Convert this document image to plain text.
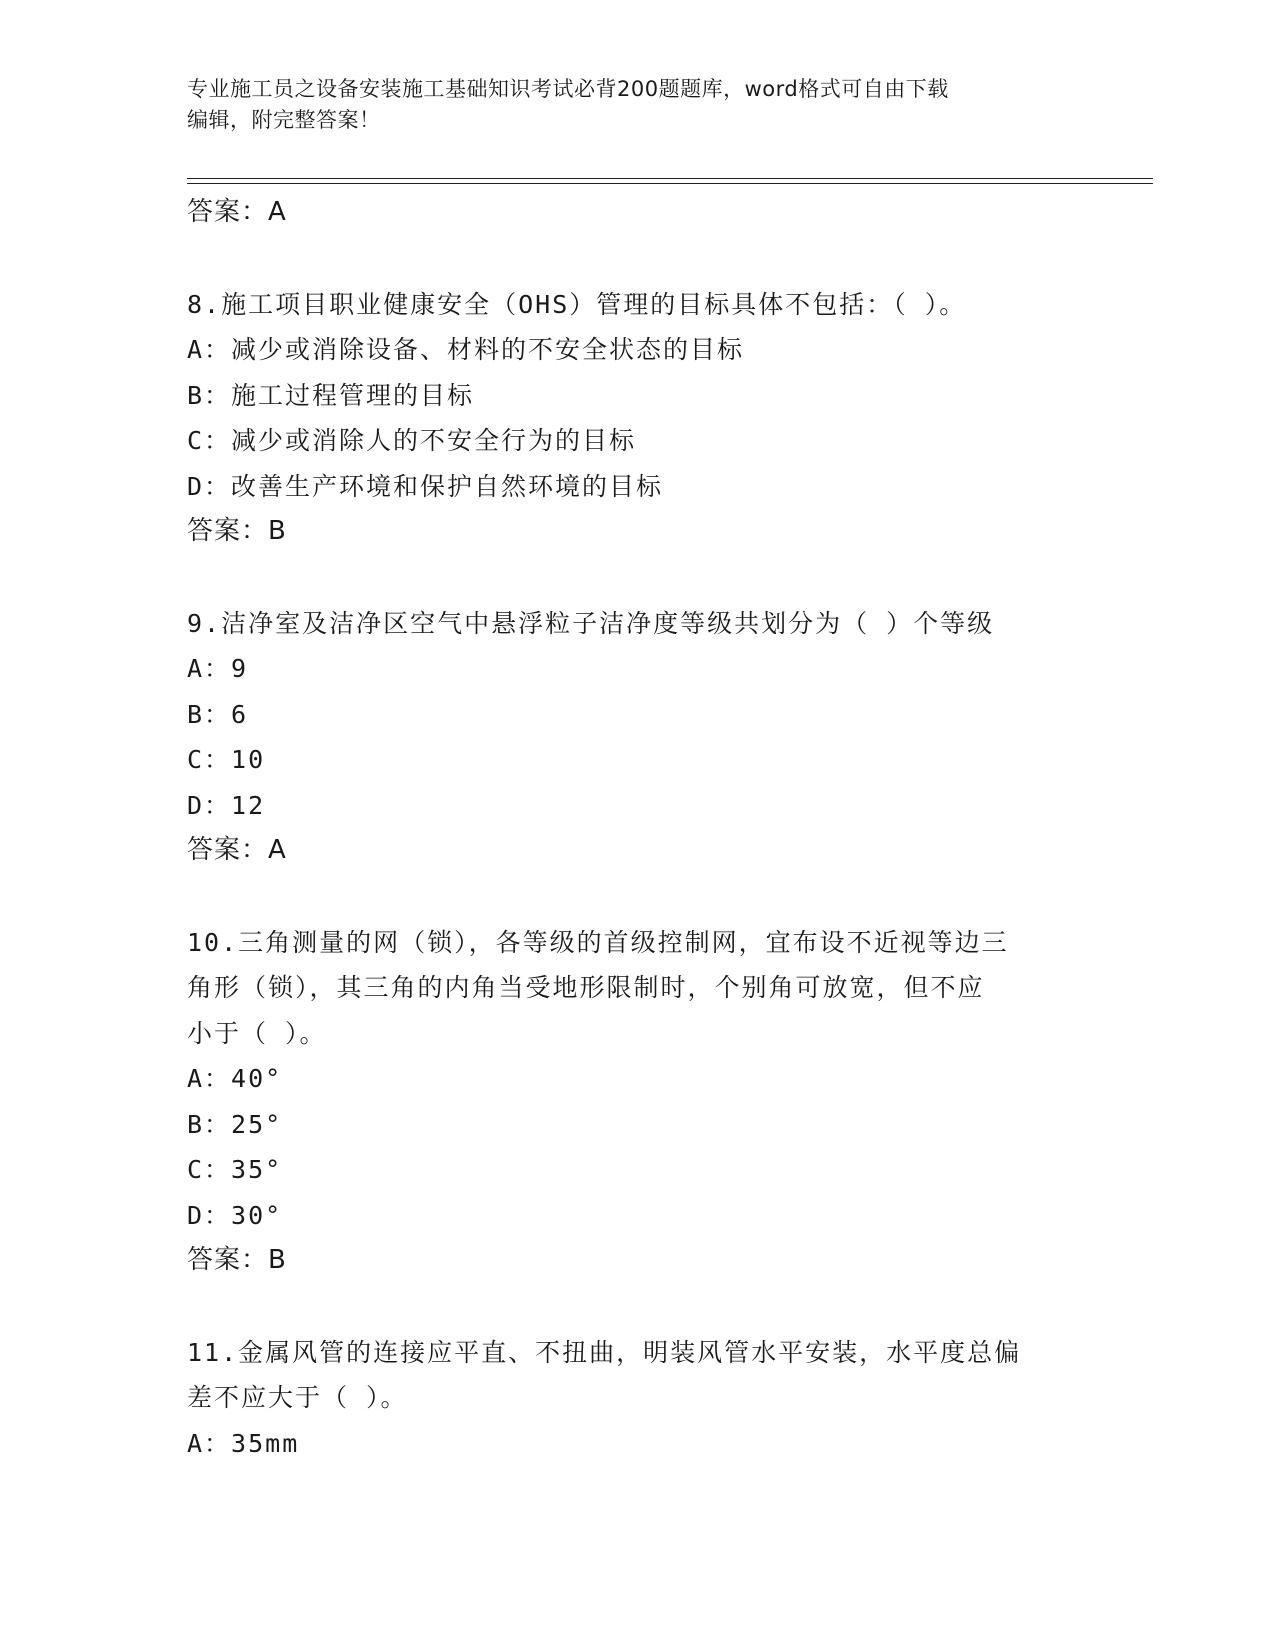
专业施工员之设备安装施工基础知识考试必背200题题库，word格式可自由下载
编辑，附完整答案！
答案：A
8.施工项目职业健康安全（OHS）管理的目标具体不包括：（ ）。
A：减少或消除设备、材料的不安全状态的目标
B：施工过程管理的目标
C：减少或消除人的不安全行为的目标
D：改善生产环境和保护自然环境的目标
答案：B
9.洁净室及洁净区空气中悬浮粒子洁净度等级共划分为（ ）个等级
A：9
B：6
C：10
D：12
答案：A
10.三角测量的网（锁），各等级的首级控制网，宜布设不近视等边三
角形（锁），其三角的内角当受地形限制时，个别角可放宽，但不应
小于（ ）。
A：40°
B：25°
C：35°
D：30°
答案：B
11.金属风管的连接应平直、不扭曲，明装风管水平安装，水平度总偏
差不应大于（ ）。
A：35mm
